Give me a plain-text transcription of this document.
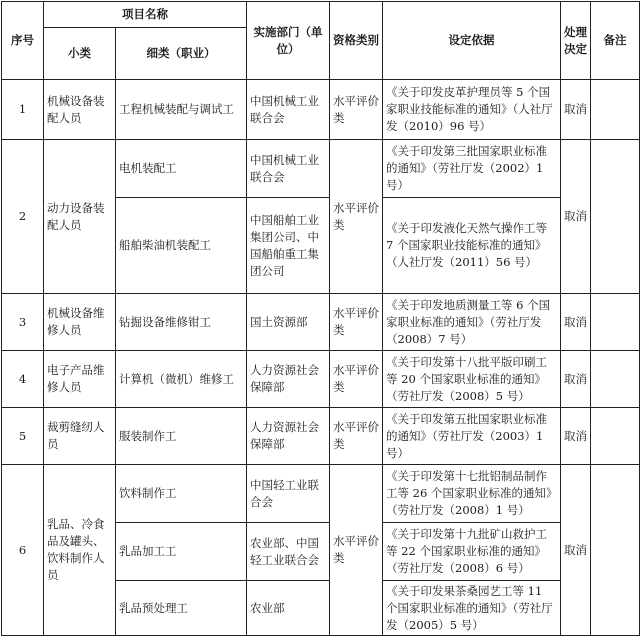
序号	项目名称		实施部门（单位）	资格类别	设定依据	处理决定	备注
	小类	细类（职业）					
1	机械设备装配人员	工程机械装配与调试工	中国机械工业联合会	水平评价类	《关于印发皮革护理员等 5 个国家职业技能标准的通知》（人社厅发（2010）96 号）	取消	
2	动力设备装配人员	电机装配工	中国机械工业联合会	水平评价类	《关于印发第三批国家职业标准的通知》（劳社厅发（2002）1 号）	取消	
		船舶柴油机装配工	中国船舶工业集团公司、中国船舶重工集团公司		《关于印发液化天然气操作工等 7 个国家职业技能标准的通知》（人社厅发（2011）56 号）		
3	机械设备维修人员	钻掘设备维修钳工	国土资源部	水平评价类	《关于印发地质测量工等 6 个国家职业标准的通知》（劳社厅发（2008）7 号）	取消	
4	电子产品维修人员	计算机（微机）维修工	人力资源社会保障部	水平评价类	《关于印发第十八批平版印刷工等 20 个国家职业标准的通知》（劳社厅发（2008）5 号）	取消	
5	裁剪缝纫人员	服装制作工	人力资源社会保障部	水平评价类	《关于印发第五批国家职业标准的通知》（劳社厅发（2003）1 号）	取消	
6	乳品、冷食品及罐头、饮料制作人员	饮料制作工	中国轻工业联合会	水平评价类	《关于印发第十七批铝制品制作工等 26 个国家职业标准的通知》（劳社厅发（2008）1 号）	取消	
		乳品加工工	农业部、中国轻工业联合会		《关于印发第十九批矿山救护工等 22 个国家职业标准的通知》（劳社厅发（2008）6 号）		
		乳品预处理工	农业部		《关于印发果茶桑园艺工等 11 个国家职业标准的通知》（劳社厅发（2005）5 号）		
